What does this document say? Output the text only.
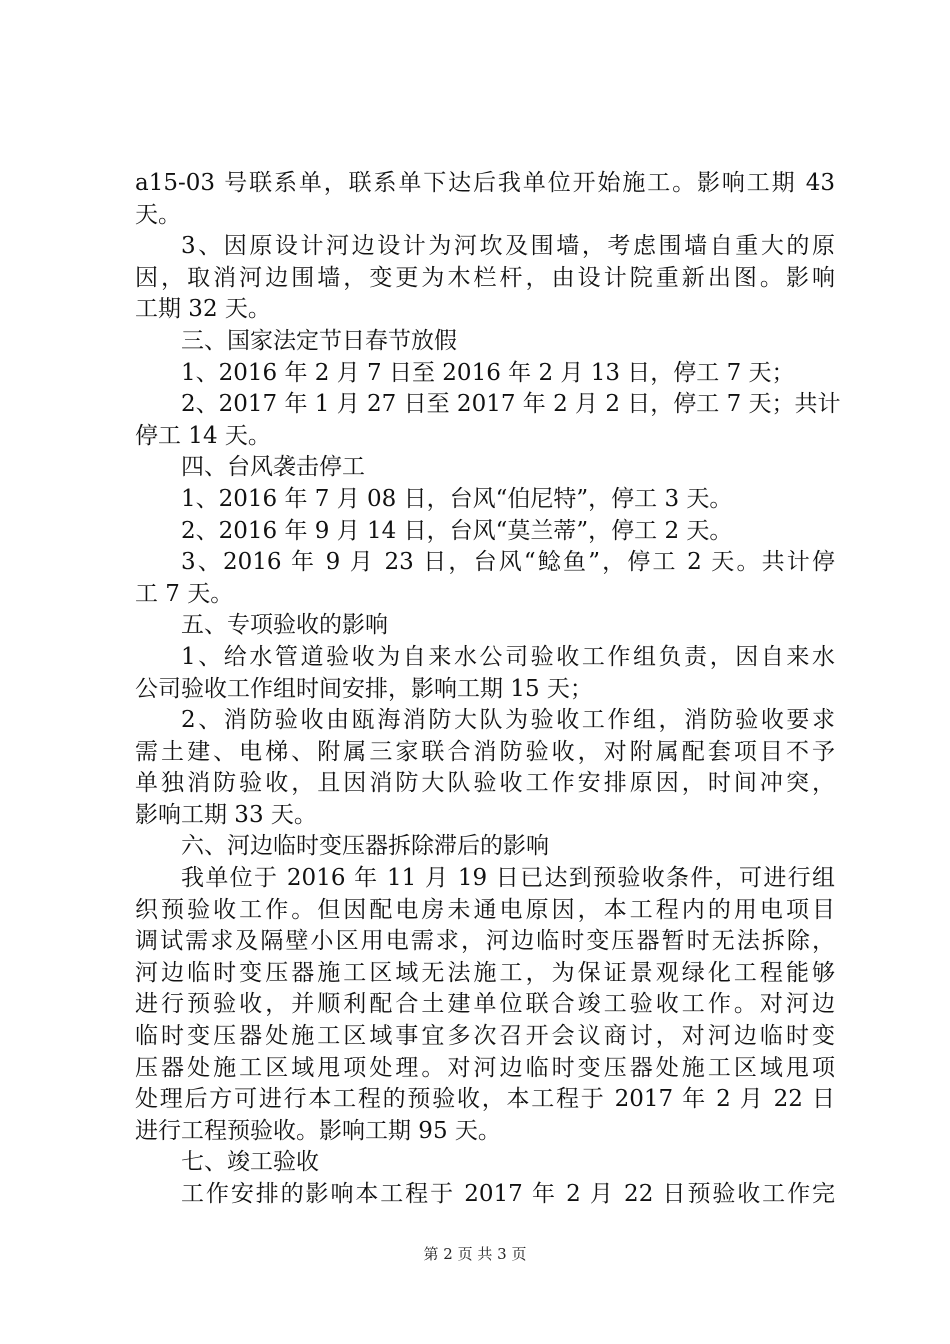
a15-03 号联系单，联系单下达后我单位开始施工。影响工期 43
天。
3、因原设计河边设计为河坎及围墙，考虑围墙自重大的原
因，取消河边围墙，变更为木栏杆，由设计院重新出图。影响
工期 32 天。
三、国家法定节日春节放假
1、2016 年 2 月 7 日至 2016 年 2 月 13 日，停工 7 天；
2、2017 年 1 月 27 日至 2017 年 2 月 2 日，停工 7 天；共计
停工 14 天。
四、台风袭击停工
1、2016 年 7 月 08 日，台风“伯尼特”，停工 3 天。
2、2016 年 9 月 14 日，台风“莫兰蒂”，停工 2 天。
3、2016 年 9 月 23 日，台风“鲶鱼”，停工 2 天。共计停
工 7 天。
五、专项验收的影响
1、给水管道验收为自来水公司验收工作组负责，因自来水
公司验收工作组时间安排，影响工期 15 天；
2、消防验收由瓯海消防大队为验收工作组，消防验收要求
需土建、电梯、附属三家联合消防验收，对附属配套项目不予
单独消防验收，且因消防大队验收工作安排原因，时间冲突，
影响工期 33 天。
六、河边临时变压器拆除滞后的影响
我单位于 2016 年 11 月 19 日已达到预验收条件，可进行组
织预验收工作。但因配电房未通电原因，本工程内的用电项目
调试需求及隔壁小区用电需求，河边临时变压器暂时无法拆除，
河边临时变压器施工区域无法施工，为保证景观绿化工程能够
进行预验收，并顺利配合土建单位联合竣工验收工作。对河边
临时变压器处施工区域事宜多次召开会议商讨，对河边临时变
压器处施工区域甩项处理。对河边临时变压器处施工区域甩项
处理后方可进行本工程的预验收，本工程于 2017 年 2 月 22 日
进行工程预验收。影响工期 95 天。
七、竣工验收
工作安排的影响本工程于 2017 年 2 月 22 日预验收工作完
第 2 页 共 3 页
